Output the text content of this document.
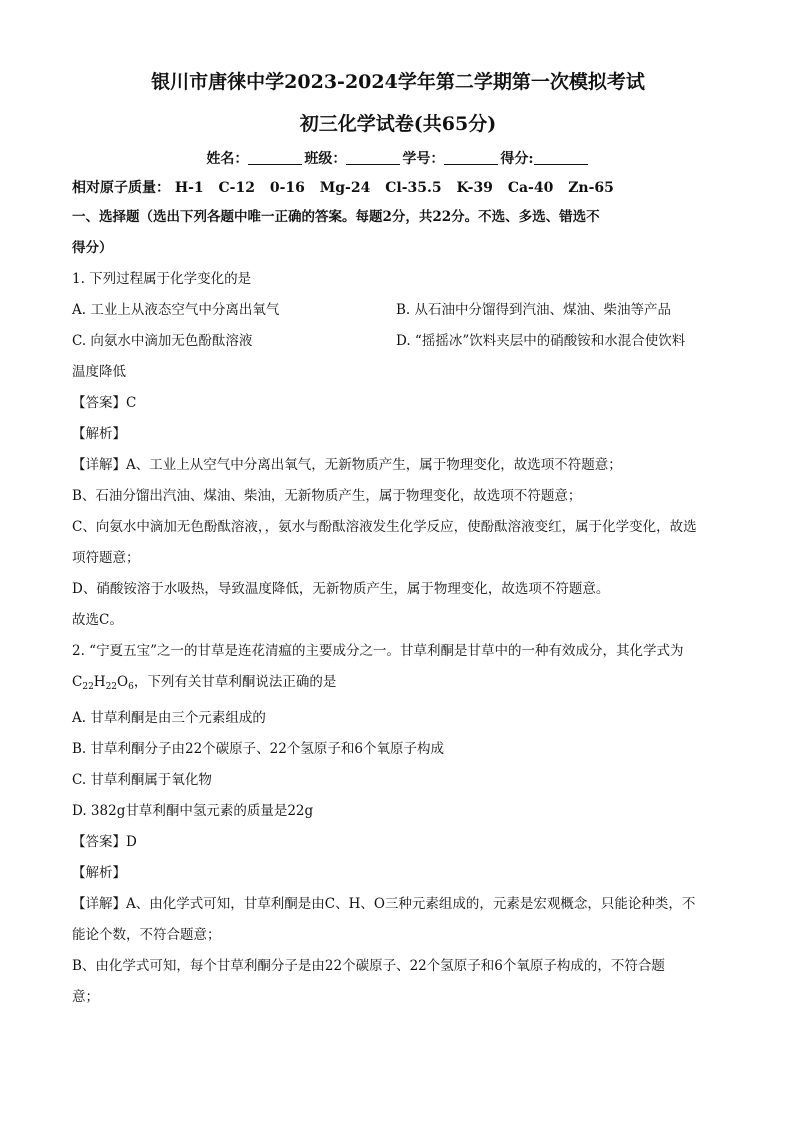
银川市唐徕中学2023-2024学年第二学期第一次模拟考试

初三化学试卷(共65分)

姓名：	班级：	学号：	得分:
相对原子质量： H-1 C-12 0-16 Mg-24 Cl-35.5 K-39 Ca-40 Zn-65

一、选择题（选出下列各题中唯一正确的答案。每题2分，共22分。不选、多选、错选不

得分）

1. 下列过程属于化学变化的是

A. 工业上从液态空气中分离出氧气	B. 从石油中分馏得到汽油、煤油、柴油等产品
C. 向氨水中滴加无色酚酞溶液	D. “摇摇冰”饮料夹层中的硝酸铵和水混合使饮料

温度降低

【答案】C

【解析】

【详解】A、工业上从空气中分离出氧气，无新物质产生，属于物理变化，故选项不符题意；

B、石油分馏出汽油、煤油、柴油，无新物质产生，属于物理变化，故选项不符题意；

C、向氨水中滴加无色酚酞溶液，，氨水与酚酞溶液发生化学反应，使酚酞溶液变红，属于化学变化，故选

项符题意；

D、硝酸铵溶于水吸热，导致温度降低，无新物质产生，属于物理变化，故选项不符题意。

故选C。

2. “宁夏五宝”之一的甘草是连花清瘟的主要成分之一。甘草利酮是甘草中的一种有效成分，其化学式为

$C_{22}H_{22}O_6$，下列有关甘草利酮说法正确的是

A. 甘草利酮是由三个元素组成的

B. 甘草利酮分子由22个碳原子、22个氢原子和6个氧原子构成

C. 甘草利酮属于氧化物

D. 382g甘草利酮中氢元素的质量是22g

【答案】D

【解析】

【详解】A、由化学式可知，甘草利酮是由C、H、O三种元素组成的，元素是宏观概念，只能论种类，不

能论个数，不符合题意；

B、由化学式可知，每个甘草利酮分子是由22个碳原子、22个氢原子和6个氧原子构成的，不符合题

意；
